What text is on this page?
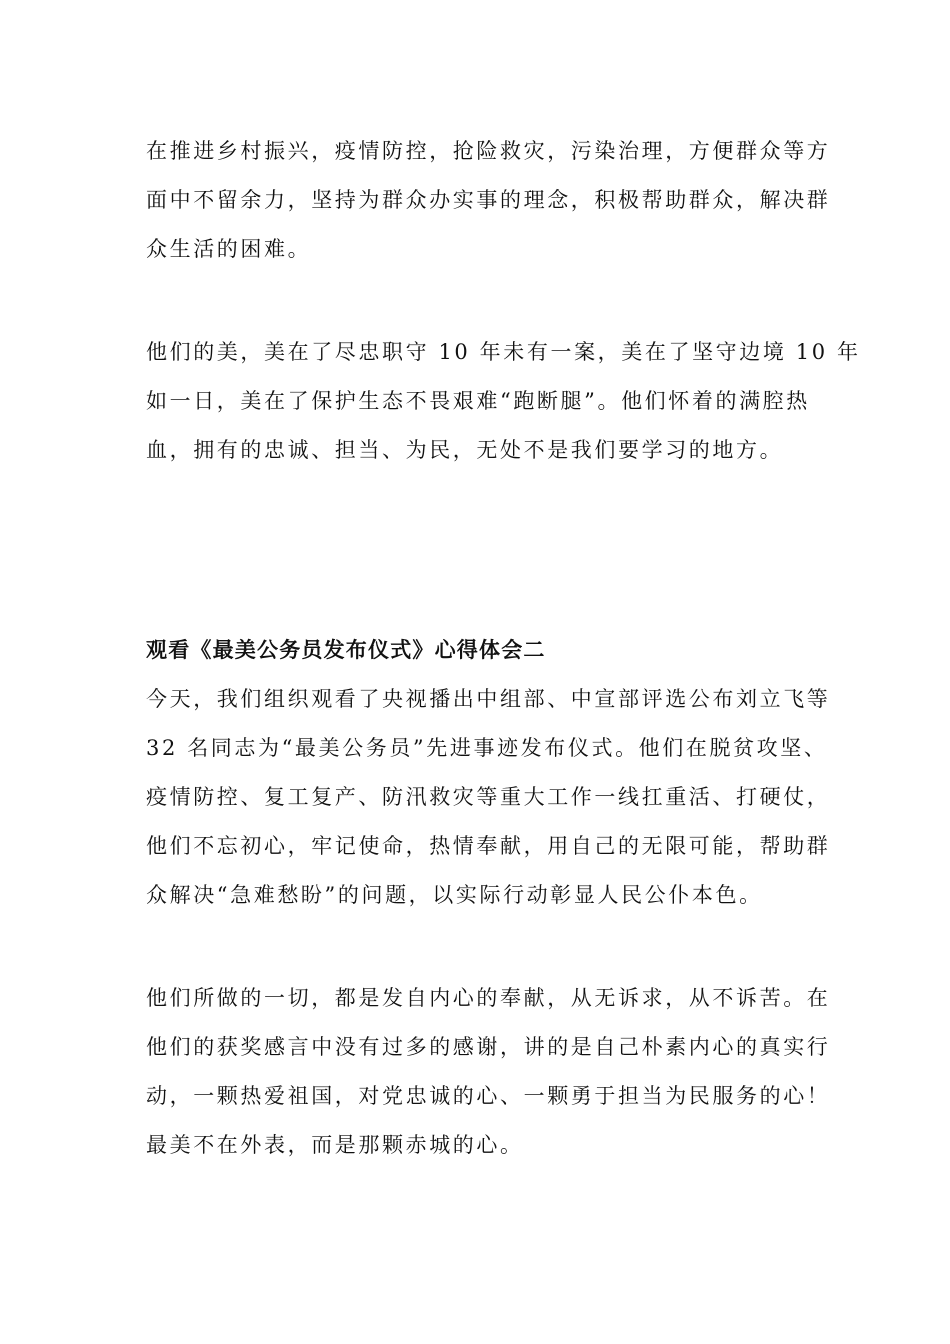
在推进乡村振兴，疫情防控，抢险救灾，污染治理，方便群众等方
面中不留余力，坚持为群众办实事的理念，积极帮助群众，解决群
众生活的困难。
他们的美，美在了尽忠职守 10 年未有一案，美在了坚守边境 10 年
如一日，美在了保护生态不畏艰难“跑断腿”。他们怀着的满腔热
血，拥有的忠诚、担当、为民，无处不是我们要学习的地方。
观看《最美公务员发布仪式》心得体会二
今天，我们组织观看了央视播出中组部、中宣部评选公布刘立飞等
32 名同志为“最美公务员”先进事迹发布仪式。他们在脱贫攻坚、
疫情防控、复工复产、防汛救灾等重大工作一线扛重活、打硬仗，
他们不忘初心，牢记使命，热情奉献，用自己的无限可能，帮助群
众解决“急难愁盼”的问题，以实际行动彰显人民公仆本色。
他们所做的一切，都是发自内心的奉献，从无诉求，从不诉苦。在
他们的获奖感言中没有过多的感谢，讲的是自己朴素内心的真实行
动，一颗热爱祖国，对党忠诚的心、一颗勇于担当为民服务的心！
最美不在外表，而是那颗赤城的心。
